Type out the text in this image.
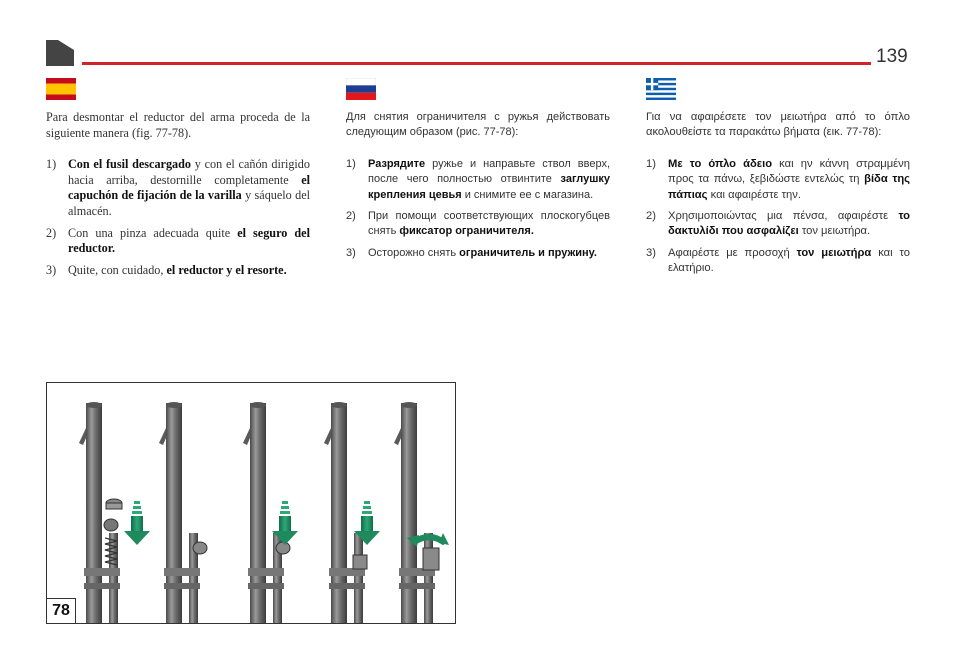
139

Para desmontar el reductor del arma proceda de la siguiente manera (fig. 77-78).

1) Con el fusil descargado y con el cañón dirigido hacia arriba, destornille completamente el capuchón de fijación de la varilla y sáquelo del almacén.
2) Con una pinza adecuada quite el seguro del reductor.
3) Quite, con cuidado, el reductor y el resorte.

Для снятия ограничителя с ружья действовать следующим образом (рис. 77-78):

1) Разрядите ружье и направьте ствол вверх, после чего полностью отвинтите заглушку крепления цевья и снимите ее с магазина.
2) При помощи соответствующих плоскогубцев снять фиксатор ограничителя.
3) Осторожно снять ограничитель и пружину.

Για να αφαιρέσετε τον μειωτήρα από το όπλο ακολουθείστε τα παρακάτω βήματα (εικ. 77-78):

1) Με το όπλο άδειο και ην κάννη στραμμένη προς τα πάνω, ξεβιδώστε εντελώς τη βίδα της πάπιας και αφαιρέστε την.
2) Χρησιμοποιώντας μια πένσα, αφαιρέστε το δακτυλίδι που ασφαλίζει τον μειωτήρα.
3) Αφαιρέστε με προσοχή τον μειωτήρα και το ελατήριο.
78
